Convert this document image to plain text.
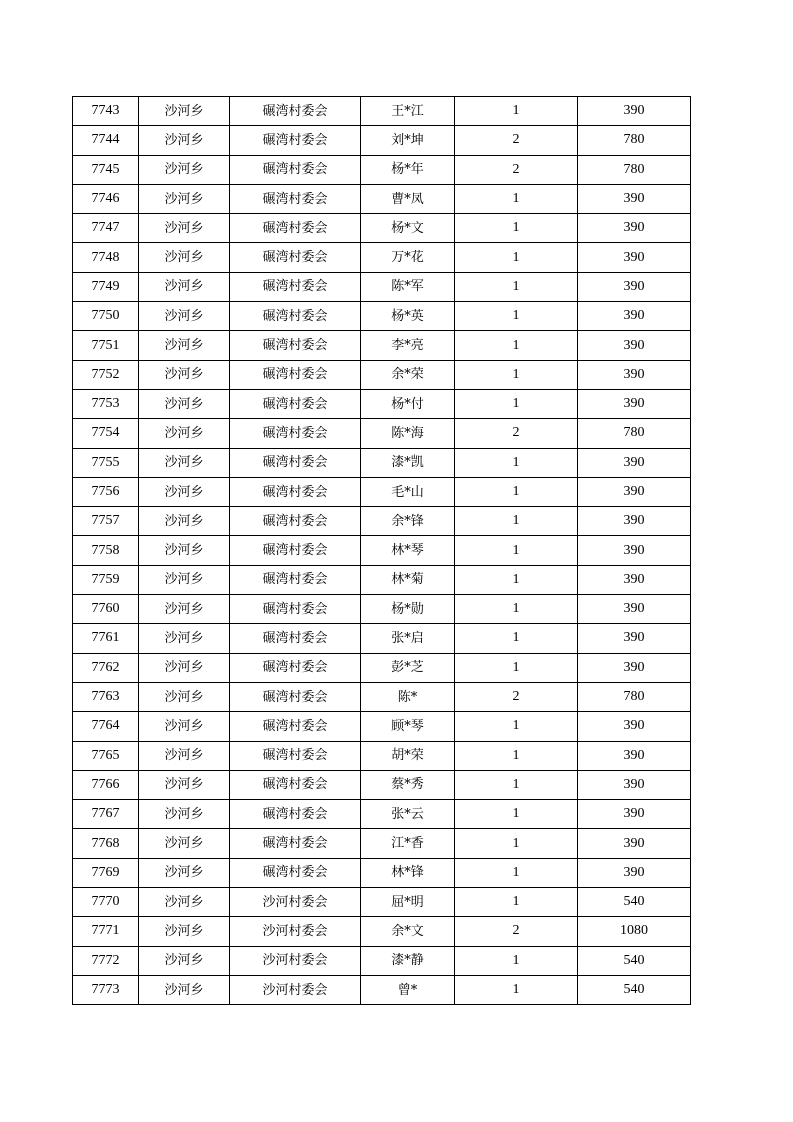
7743	沙河乡	碾湾村委会	王*江	1	390
7744	沙河乡	碾湾村委会	刘*坤	2	780
7745	沙河乡	碾湾村委会	杨*年	2	780
7746	沙河乡	碾湾村委会	曹*凤	1	390
7747	沙河乡	碾湾村委会	杨*文	1	390
7748	沙河乡	碾湾村委会	万*花	1	390
7749	沙河乡	碾湾村委会	陈*军	1	390
7750	沙河乡	碾湾村委会	杨*英	1	390
7751	沙河乡	碾湾村委会	李*亮	1	390
7752	沙河乡	碾湾村委会	余*荣	1	390
7753	沙河乡	碾湾村委会	杨*付	1	390
7754	沙河乡	碾湾村委会	陈*海	2	780
7755	沙河乡	碾湾村委会	漆*凯	1	390
7756	沙河乡	碾湾村委会	毛*山	1	390
7757	沙河乡	碾湾村委会	余*锋	1	390
7758	沙河乡	碾湾村委会	林*琴	1	390
7759	沙河乡	碾湾村委会	林*菊	1	390
7760	沙河乡	碾湾村委会	杨*勋	1	390
7761	沙河乡	碾湾村委会	张*启	1	390
7762	沙河乡	碾湾村委会	彭*芝	1	390
7763	沙河乡	碾湾村委会	陈*	2	780
7764	沙河乡	碾湾村委会	顾*琴	1	390
7765	沙河乡	碾湾村委会	胡*荣	1	390
7766	沙河乡	碾湾村委会	蔡*秀	1	390
7767	沙河乡	碾湾村委会	张*云	1	390
7768	沙河乡	碾湾村委会	江*香	1	390
7769	沙河乡	碾湾村委会	林*锋	1	390
7770	沙河乡	沙河村委会	屈*明	1	540
7771	沙河乡	沙河村委会	余*文	2	1080
7772	沙河乡	沙河村委会	漆*静	1	540
7773	沙河乡	沙河村委会	曾*	1	540
